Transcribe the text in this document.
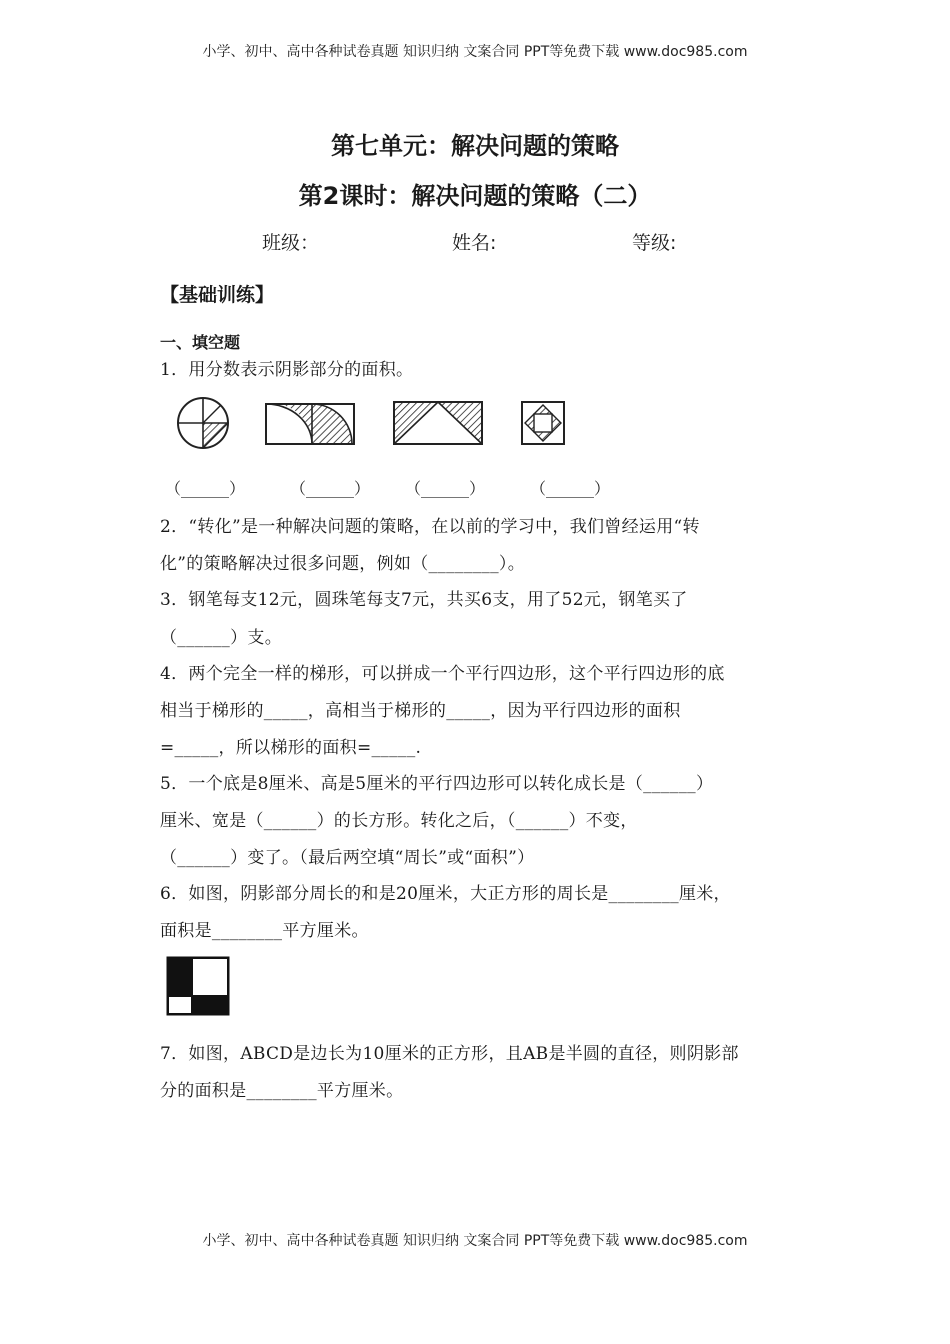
小学、初中、高中各种试卷真题 知识归纳 文案合同 PPT等免费下载 www.doc985.com
第七单元：解决问题的策略
第2课时：解决问题的策略（二）
班级：	姓名:	等级:
【基础训练】
一、填空题
1．用分数表示阴影部分的面积。
（______）	（______） （______）	（______）
2．“转化”是一种解决问题的策略，在以前的学习中，我们曾经运用“转
化”的策略解决过很多问题，例如（________）。
3．钢笔每支12元，圆珠笔每支7元，共买6支，用了52元，钢笔买了
（______）支。
4．两个完全一样的梯形，可以拼成一个平行四边形，这个平行四边形的底
相当于梯形的_____，高相当于梯形的_____，因为平行四边形的面积
=_____，所以梯形的面积=_____.
5．一个底是8厘米、高是5厘米的平行四边形可以转化成长是（______）
厘米、宽是（______）的长方形。转化之后，（______）不变，
（______）变了。（最后两空填“周长”或“面积”）
6．如图，阴影部分周长的和是20厘米，大正方形的周长是________厘米，
面积是________平方厘米。
7．如图，ABCD是边长为10厘米的正方形，且AB是半圆的直径，则阴影部
分的面积是________平方厘米。
小学、初中、高中各种试卷真题 知识归纳 文案合同 PPT等免费下载 www.doc985.com
